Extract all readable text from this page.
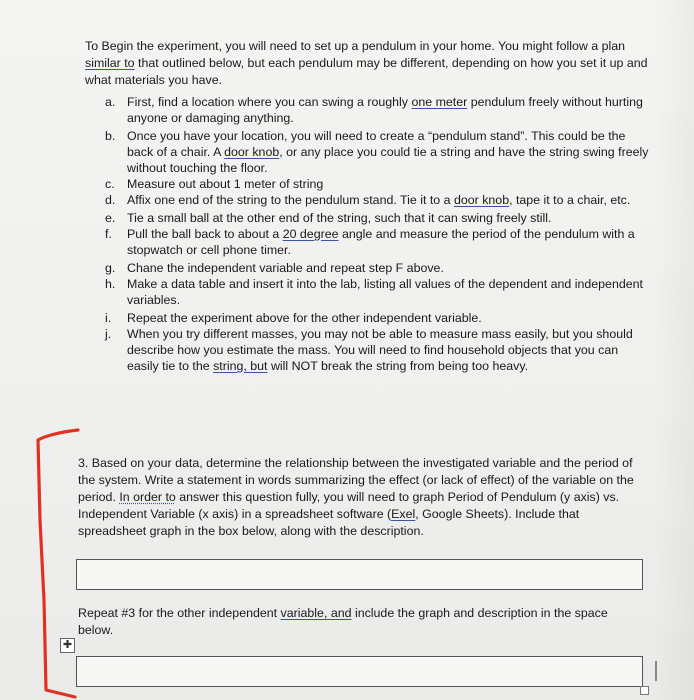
To Begin the experiment, you will need to set up a pendulum in your home. You might follow a plan similar to that outlined below, but each pendulum may be different, depending on how you set it up and what materials you have.

a. First, find a location where you can swing a roughly one meter pendulum freely without hurting anyone or damaging anything.
b. Once you have your location, you will need to create a “pendulum stand”. This could be the back of a chair. A door knob, or any place you could tie a string and have the string swing freely without touching the floor.
c. Measure out about 1 meter of string
d. Affix one end of the string to the pendulum stand. Tie it to a door knob, tape it to a chair, etc.
e. Tie a small ball at the other end of the string, such that it can swing freely still.
f.	Pull the ball back to about a 20 degree angle and measure the period of the pendulum with a stopwatch or cell phone timer.
g. Chane the independent variable and repeat step F above.
h. Make a data table and insert it into the lab, listing all values of the dependent and independent variables.
i.	Repeat the experiment above for the other independent variable.
j.	When you try different masses, you may not be able to measure mass easily, but you should describe how you estimate the mass. You will need to find household objects that you can easily tie to the string, but will NOT break the string from being too heavy.

3. Based on your data, determine the relationship between the investigated variable and the period of the system. Write a statement in words summarizing the effect (or lack of effect) of the variable on the period. In order to answer this question fully, you will need to graph Period of Pendulum (y axis) vs. Independent Variable (x axis) in a spreadsheet software (Exel, Google Sheets). Include that spreadsheet graph in the box below, along with the description.

Repeat #3 for the other independent variable, and include the graph and description in the space below.

✚
